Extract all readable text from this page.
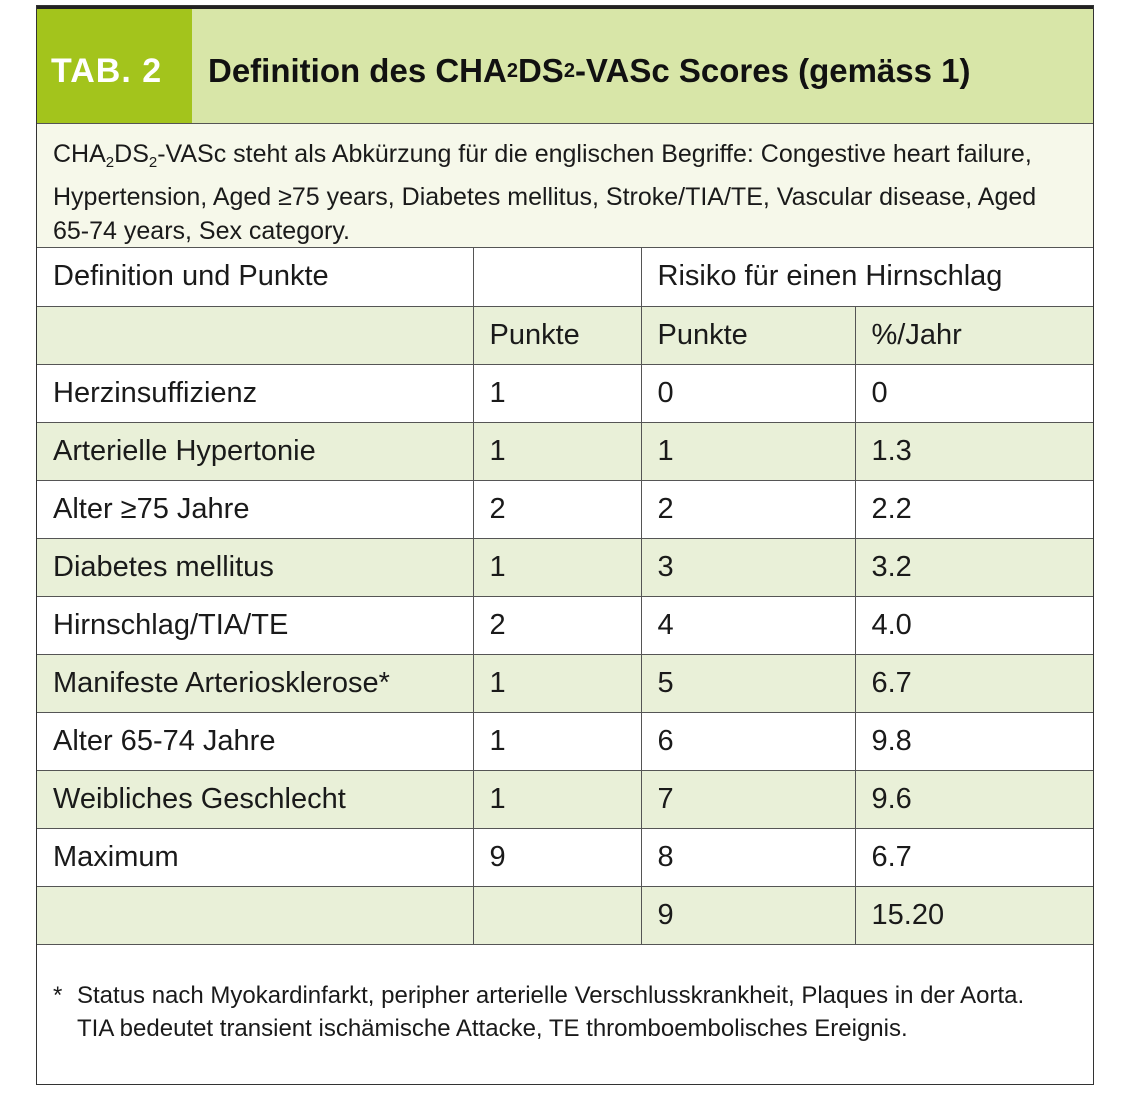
TAB. 2	Definition des CHA 2 DS 2 -VASc Scores (gemäss 1)
$CHA_2DS_2$-VASc steht als Abkürzung für die englischen Begriffe: Congestive heart failure, Hypertension, Aged ≥75 years, Diabetes mellitus, Stroke/TIA/TE, Vascular disease, Aged 65-74 years, Sex category.
Definition und Punkte		Risiko für einen Hirnschlag	
	Punkte	Punkte	%/Jahr
Herzinsuffizienz	1	0	0
Arterielle Hypertonie	1	1	1.3
Alter ≥75 Jahre	2	2	2.2
Diabetes mellitus	1	3	3.2
Hirnschlag/TIA/TE	2	4	4.0
Manifeste Arteriosklerose*	1	5	6.7
Alter 65-74 Jahre	1	6	9.8
Weibliches Geschlecht	1	7	9.6
Maximum	9	8	6.7
		9	15.20
* Status nach Myokardinfarkt, peripher arterielle Verschlusskrankheit, Plaques in der Aorta.
TIA bedeutet transient ischämische Attacke, TE thromboembolisches Ereignis.
